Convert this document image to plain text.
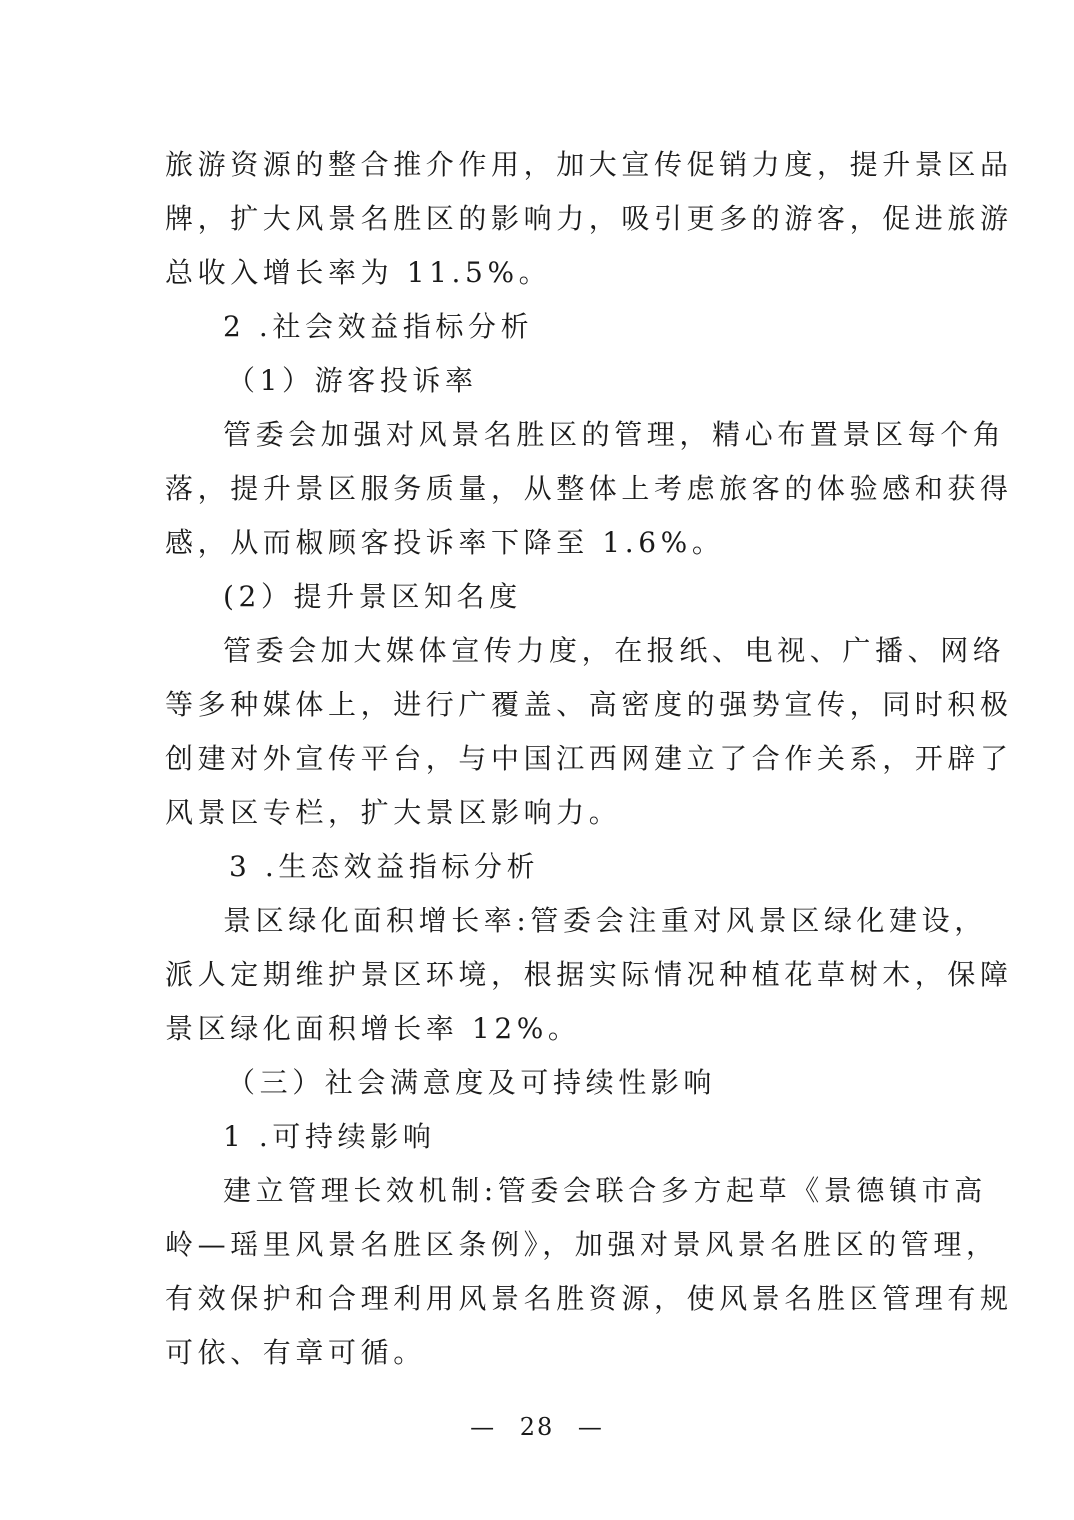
旅游资源的整合推介作用，加大宣传促销力度，提升景区品
牌，扩大风景名胜区的影响力，吸引更多的游客，促进旅游
总收入增长率为 11.5%。
2 .社会效益指标分析
（1）游客投诉率
管委会加强对风景名胜区的管理，精心布置景区每个角
落，提升景区服务质量，从整体上考虑旅客的体验感和获得
感，从而椒顾客投诉率下降至 1.6%。
(2）提升景区知名度
管委会加大媒体宣传力度，在报纸、电视、广播、网络
等多种媒体上，进行广覆盖、高密度的强势宣传，同时积极
创建对外宣传平台，与中国江西网建立了合作关系，开辟了
风景区专栏，扩大景区影响力。
3 .生态效益指标分析
景区绿化面积增长率:管委会注重对风景区绿化建设，
派人定期维护景区环境，根据实际情况种植花草树木，保障
景区绿化面积增长率 12%。
（三）社会满意度及可持续性影响
1 .可持续影响
建立管理长效机制:管委会联合多方起草《景德镇市高
岭—瑶里风景名胜区条例》，加强对景风景名胜区的管理，
有效保护和合理利用风景名胜资源，使风景名胜区管理有规
可依、有章可循。
— 28 —
